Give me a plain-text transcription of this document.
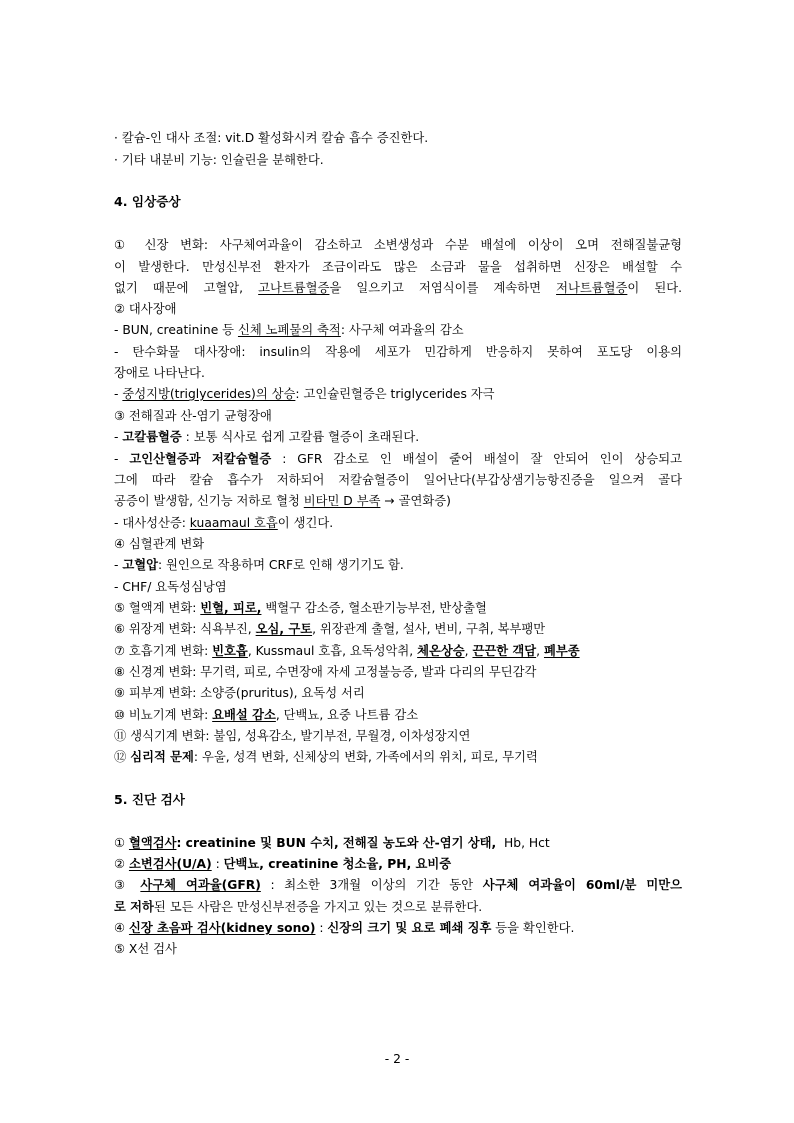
· 칼슘-인 대사 조절: vit.D 활성화시켜 칼슘 흡수 증진한다.
· 기타 내분비 기능: 인슐린을 분해한다.
4. 임상증상
① 신장 변화: 사구체여과율이 감소하고 소변생성과 수분 배설에 이상이 오며 전해질불균형
이 발생한다. 만성신부전 환자가 조금이라도 많은 소금과 물을 섭취하면 신장은 배설할 수
없기 때문에 고혈압, 고나트륨혈증을 일으키고 저염식이를 계속하면 저나트륨혈증이 된다.
② 대사장애
- BUN, creatinine 등 신체 노폐물의 축적: 사구체 여과율의 감소
- 탄수화물 대사장애: insulin의 작용에 세포가 민감하게 반응하지 못하여 포도당 이용의
장애로 나타난다.
- 중성지방(triglycerides)의 상승: 고인슐린혈증은 triglycerides 자극
③ 전해질과 산-염기 균형장애
- 고칼륨혈증 : 보통 식사로 쉽게 고칼륨 혈증이 초래된다.
- 고인산혈증과 저칼슘혈증 : GFR 감소로 인 배설이 줄어 배설이 잘 안되어 인이 상승되고
그에 따라 칼슘 흡수가 저하되어 저칼슘혈증이 일어난다(부갑상샘기능항진증을 일으켜 골다
공증이 발생함, 신기능 저하로 혈청 비타민 D 부족 → 골연화증)
- 대사성산증: kuaamaul 호흡이 생긴다.
④ 심혈관계 변화
- 고혈압: 원인으로 작용하며 CRF로 인해 생기기도 함.
- CHF/ 요독성심낭염
⑤ 혈액계 변화: 빈혈, 피로, 백혈구 감소증, 혈소판기능부전, 반상출혈
⑥ 위장계 변화: 식욕부진, 오심, 구토, 위장관계 출혈, 설사, 변비, 구취, 복부팽만
⑦ 호흡기계 변화: 빈호흡, Kussmaul 호흡, 요독성악취, 체온상승, 끈끈한 객담, 폐부종
⑧ 신경계 변화: 무기력, 피로, 수면장애 자세 고정불능증, 발과 다리의 무딘감각
⑨ 피부계 변화: 소양증(pruritus), 요독성 서리
⑩ 비뇨기계 변화: 요배설 감소, 단백뇨, 요중 나트륨 감소
⑪ 생식기계 변화: 불임, 성욕감소, 발기부전, 무월경, 이차성장지연
⑫ 심리적 문제: 우울, 성격 변화, 신체상의 변화, 가족에서의 위치, 피로, 무기력
5. 진단 검사
① 혈액검사: creatinine 및 BUN 수치, 전해질 농도와 산-염기 상태, Hb, Hct
② 소변검사(U/A) : 단백뇨, creatinine 청소율, PH, 요비중
③ 사구체 여과율(GFR) : 최소한 3개월 이상의 기간 동안 사구체 여과율이 60ml/분 미만으
로 저하된 모든 사람은 만성신부전증을 가지고 있는 것으로 분류한다.
④ 신장 초음파 검사(kidney sono) : 신장의 크기 및 요로 폐쇄 징후 등을 확인한다.
⑤ X선 검사
- 2 -
